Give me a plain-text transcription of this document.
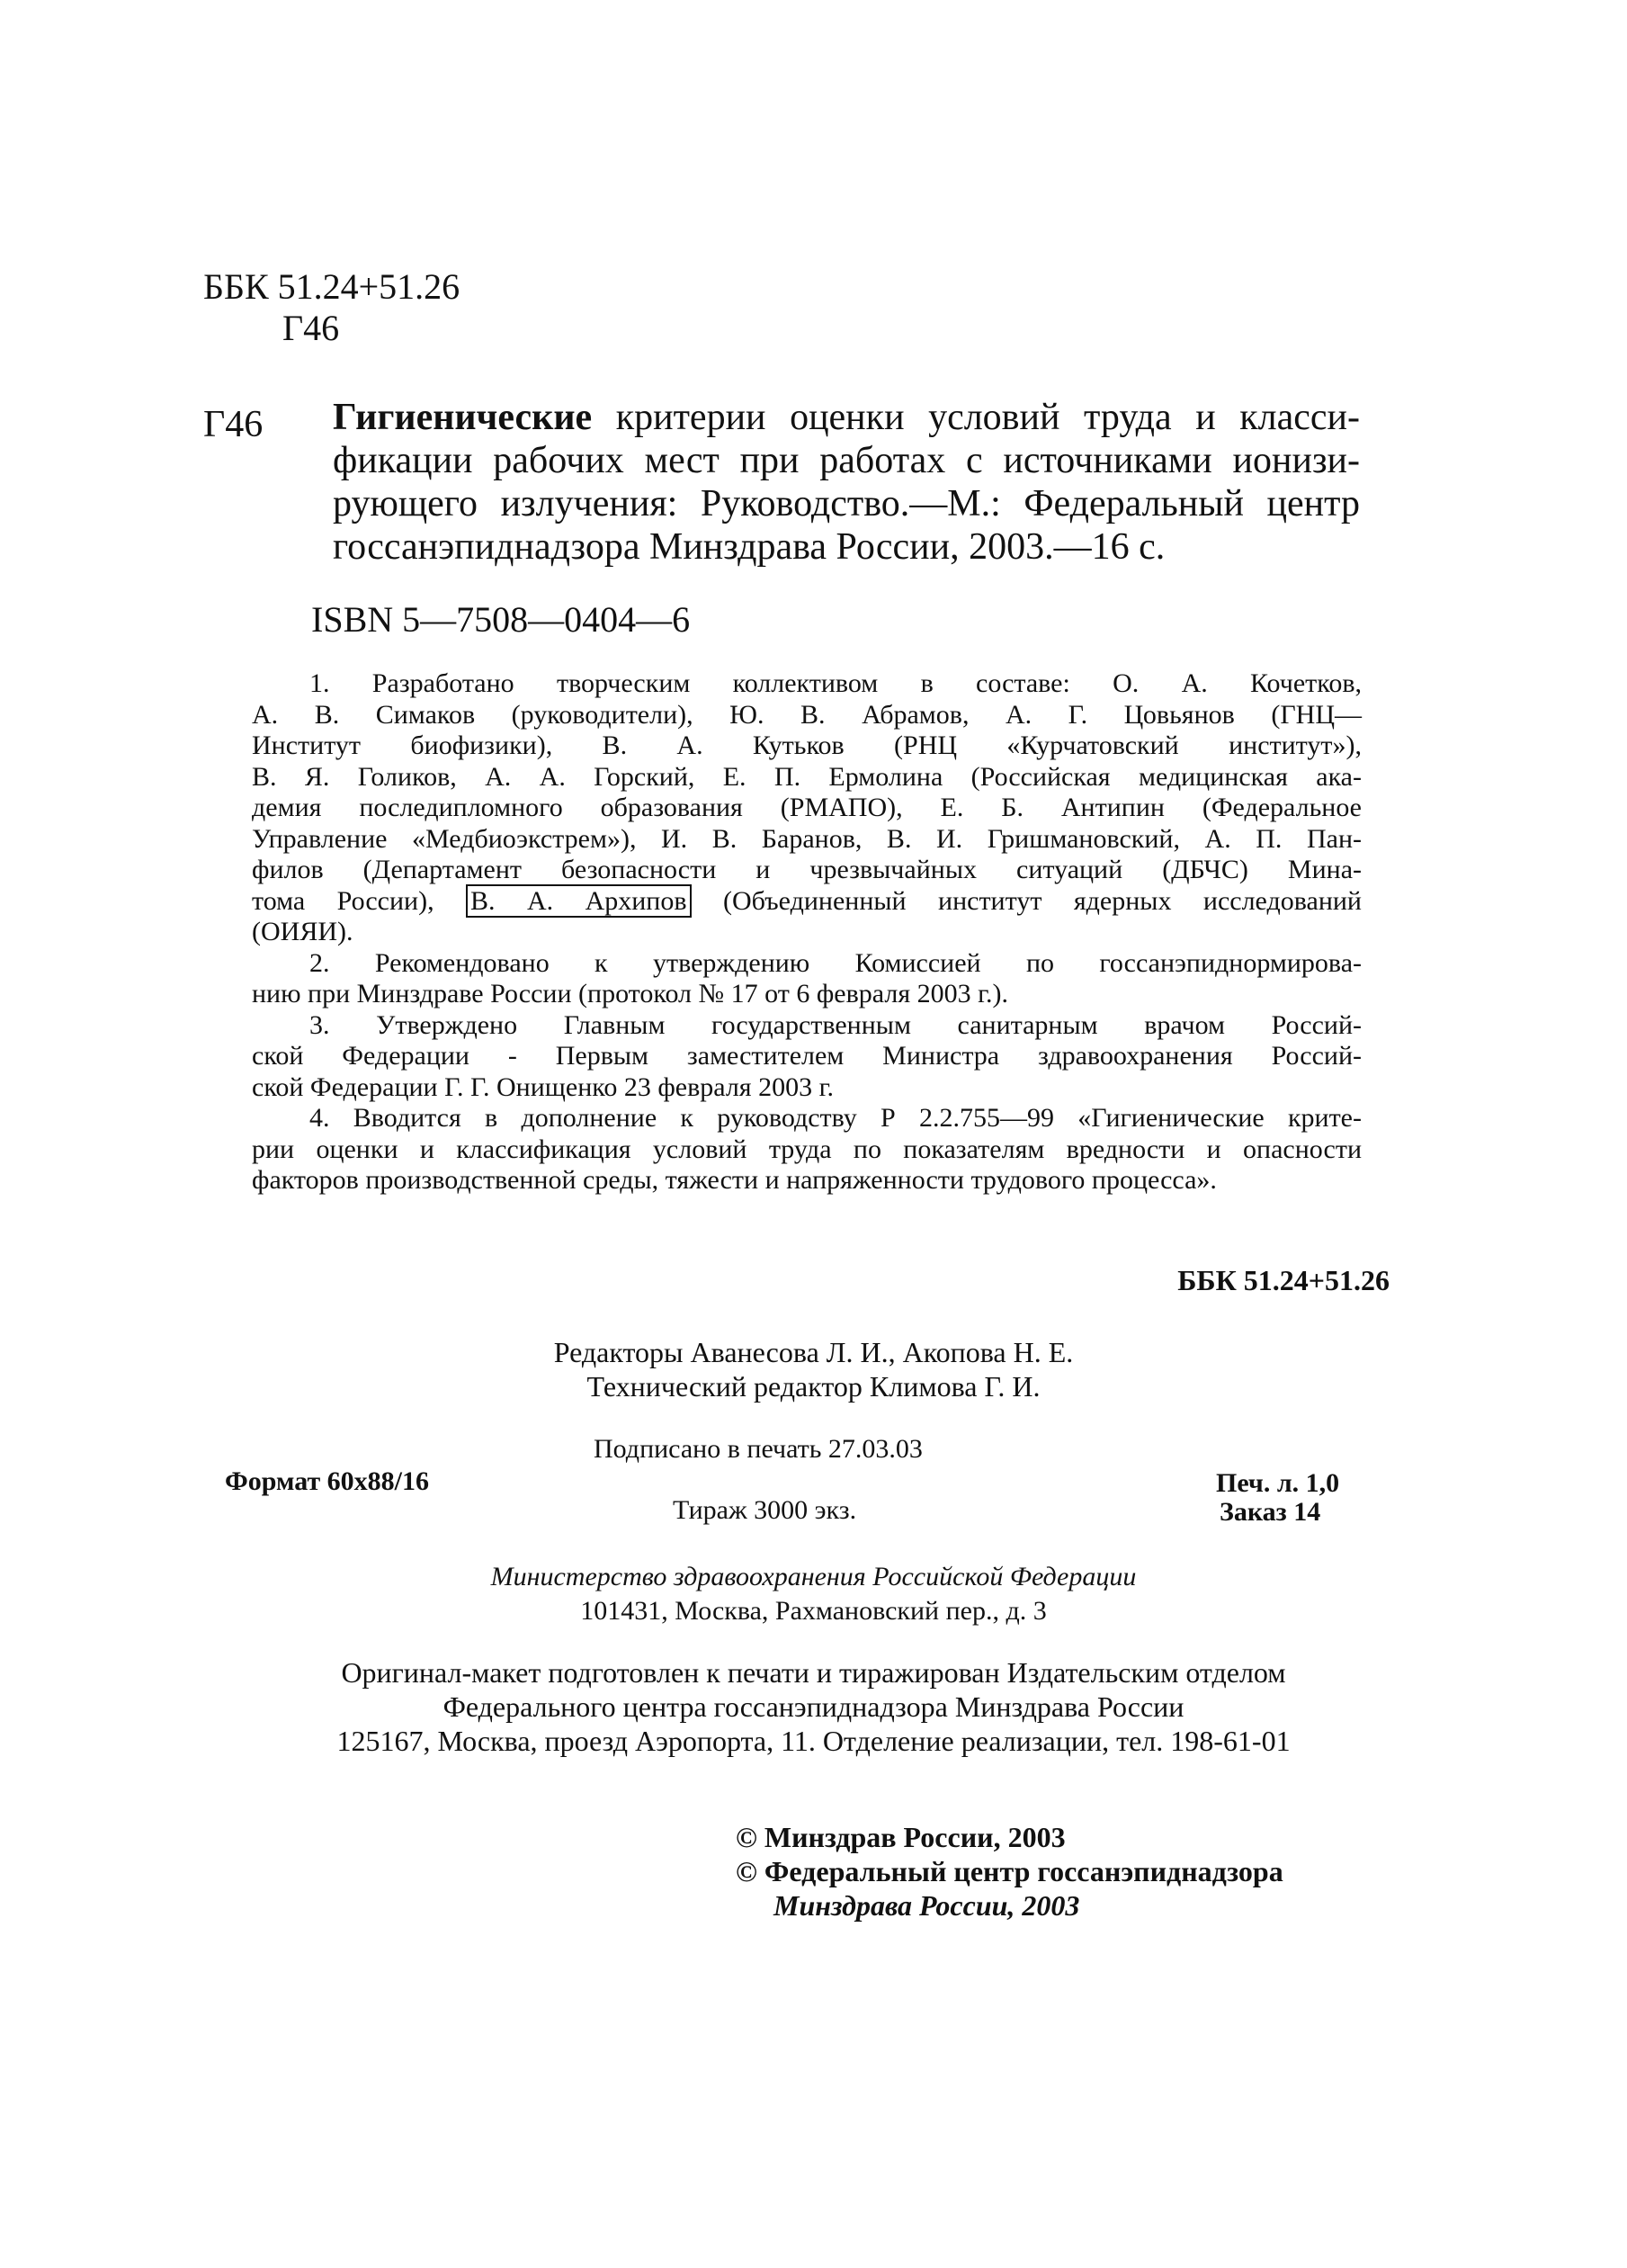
ББК 51.24+51.26
Г46
Г46 Гигиенические критерии оценки условий труда и класси-
фикации рабочих мест при работах с источниками ионизи-
рующего излучения: Руководство.—М.: Федеральный центр
госсанэпиднадзора Минздрава России, 2003.—16 с.
ISBN 5—7508—0404—6
1. Разработано творческим коллективом в составе: О. А. Кочетков,
А. В. Симаков (руководители), Ю. В. Абрамов, А. Г. Цовьянов (ГНЦ—
Институт биофизики), В. А. Кутьков (РНЦ «Курчатовский институт»),
В. Я. Голиков, А. А. Горский, Е. П. Ермолина (Российская медицинская ака-
демия последипломного образования (РМАПО), Е. Б. Антипин (Федеральное
Управление «Медбиоэкстрем»), И. В. Баранов, В. И. Гришмановский, А. П. Пан-
филов (Департамент безопасности и чрезвычайных ситуаций (ДБЧС) Мина-
тома России), В. А. Архипов (Объединенный институт ядерных исследований
(ОИЯИ).
2. Рекомендовано к утверждению Комиссией по госсанэпиднормирова-
нию при Минздраве России (протокол № 17 от 6 февраля 2003 г.).
3. Утверждено Главным государственным санитарным врачом Россий-
ской Федерации - Первым заместителем Министра здравоохранения Россий-
ской Федерации Г. Г. Онищенко 23 февраля 2003 г.
4. Вводится в дополнение к руководству Р 2.2.755—99 «Гигиенические крите-
рии оценки и классификация условий труда по показателям вредности и опасности
факторов производственной среды, тяжести и напряженности трудового процесса».
ББК 51.24+51.26
Редакторы Аванесова Л. И., Акопова Н. Е.
Технический редактор Климова Г. И.
Подписано в печать 27.03.03
Формат 60x88/16	Печ. л. 1,0
Тираж 3000 экз.	Заказ 14
Министерство здравоохранения Российской Федерации
101431, Москва, Рахмановский пер., д. 3
Оригинал-макет подготовлен к печати и тиражирован Издательским отделом
Федерального центра госсанэпиднадзора Минздрава России
125167, Москва, проезд Аэропорта, 11. Отделение реализации, тел. 198-61-01
© Минздрав России, 2003
© Федеральный центр госсанэпиднадзора
Минздрава России, 2003
